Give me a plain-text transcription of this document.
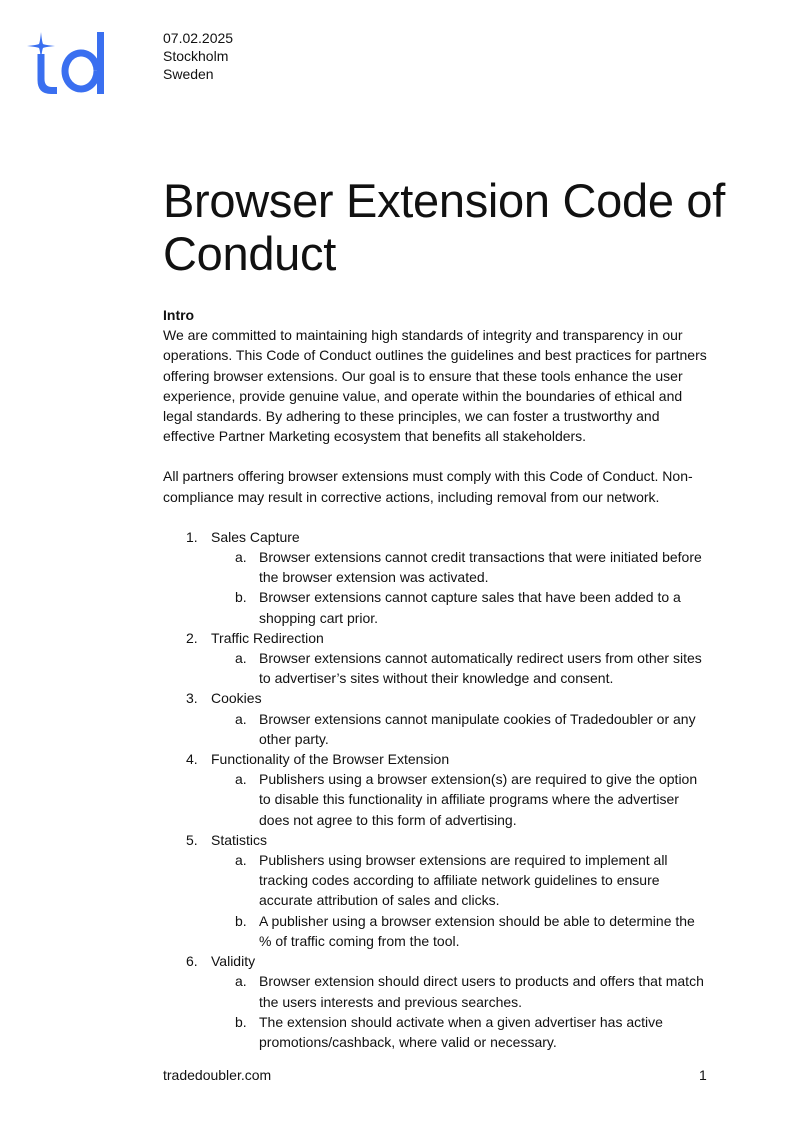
07.02.2025
Stockholm
Sweden
Browser Extension Code of Conduct

Intro

We are committed to maintaining high standards of integrity and transparency in our operations. This Code of Conduct outlines the guidelines and best practices for partners offering browser extensions. Our goal is to ensure that these tools enhance the user experience, provide genuine value, and operate within the boundaries of ethical and legal standards. By adhering to these principles, we can foster a trustworthy and effective Partner Marketing ecosystem that benefits all stakeholders.

All partners offering browser extensions must comply with this Code of Conduct. Non-compliance may result in corrective actions, including removal from our network.

1. Sales Capture
a. Browser extensions cannot credit transactions that were initiated before the browser extension was activated.
b. Browser extensions cannot capture sales that have been added to a shopping cart prior.
2. Traffic Redirection
a. Browser extensions cannot automatically redirect users from other sites to advertiser’s sites without their knowledge and consent.
3. Cookies
a. Browser extensions cannot manipulate cookies of Tradedoubler or any other party.
4. Functionality of the Browser Extension
a. Publishers using a browser extension(s) are required to give the option to disable this functionality in affiliate programs where the advertiser does not agree to this form of advertising.
5. Statistics
a. Publishers using browser extensions are required to implement all tracking codes according to affiliate network guidelines to ensure accurate attribution of sales and clicks.
b. A publisher using a browser extension should be able to determine the % of traffic coming from the tool.
6. Validity
a. Browser extension should direct users to products and offers that match the users interests and previous searches.
b. The extension should activate when a given advertiser has active promotions/cashback, where valid or necessary.
tradedoubler.com	1
